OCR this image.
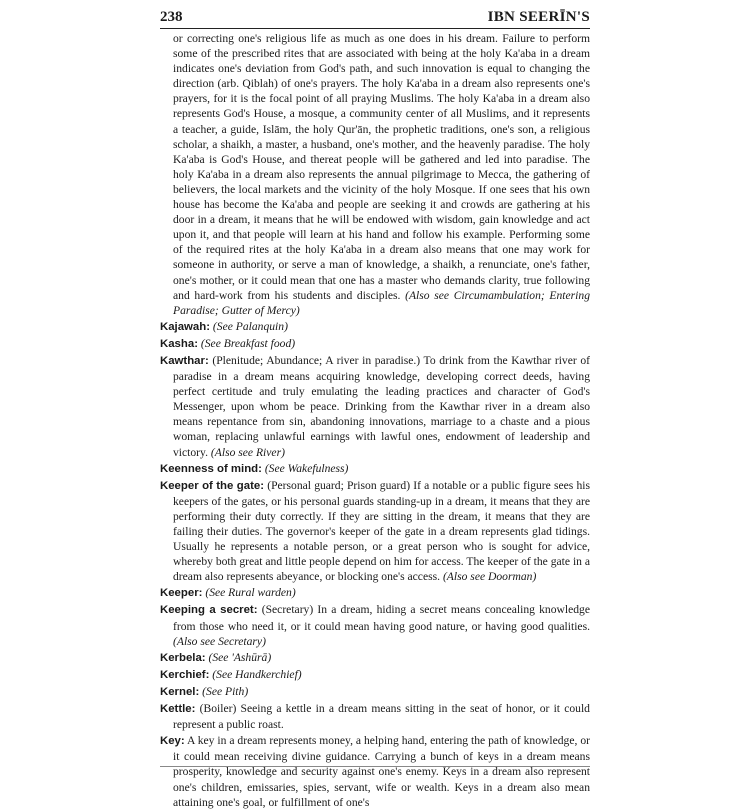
238	IBN SEERĪN'S

or correcting one's religious life as much as one does in his dream. Failure to perform some of the prescribed rites that are associated with being at the holy Ka'aba in a dream indicates one's deviation from God's path, and such innovation is equal to changing the direction (arb. Qiblah) of one's prayers. The holy Ka'aba in a dream also represents one's prayers, for it is the focal point of all praying Muslims. The holy Ka'aba in a dream also represents God's House, a mosque, a community center of all Muslims, and it represents a teacher, a guide, Islām, the holy Qur'ān, the prophetic traditions, one's son, a religious scholar, a shaikh, a master, a husband, one's mother, and the heavenly paradise. The holy Ka'aba is God's House, and thereat people will be gathered and led into paradise. The holy Ka'aba in a dream also represents the annual pilgrimage to Mecca, the gathering of believers, the local markets and the vicinity of the holy Mosque. If one sees that his own house has become the Ka'aba and people are seeking it and crowds are gathering at his door in a dream, it means that he will be endowed with wisdom, gain knowledge and act upon it, and that people will learn at his hand and follow his example. Performing some of the required rites at the holy Ka'aba in a dream also means that one may work for someone in authority, or serve a man of knowledge, a shaikh, a renunciate, one's father, one's mother, or it could mean that one has a master who demands clarity, true following and hard-work from his students and disciples. (Also see Circumambulation; Entering Paradise; Gutter of Mercy)

Kajawah: (See Palanquin)

Kasha: (See Breakfast food)

Kawthar: (Plenitude; Abundance; A river in paradise.) To drink from the Kawthar river of paradise in a dream means acquiring knowledge, developing correct deeds, having perfect certitude and truly emulating the leading practices and character of God's Messenger, upon whom be peace. Drinking from the Kawthar river in a dream also means repentance from sin, abandoning innovations, marriage to a chaste and a pious woman, replacing unlawful earnings with lawful ones, endowment of leadership and victory. (Also see River)

Keenness of mind: (See Wakefulness)

Keeper of the gate: (Personal guard; Prison guard) If a notable or a public figure sees his keepers of the gates, or his personal guards standing-up in a dream, it means that they are performing their duty correctly. If they are sitting in the dream, it means that they are failing their duties. The governor's keeper of the gate in a dream represents glad tidings. Usually he represents a notable person, or a great person who is sought for advice, whereby both great and little people depend on him for access. The keeper of the gate in a dream also represents abeyance, or blocking one's access. (Also see Doorman)

Keeper: (See Rural warden)

Keeping a secret: (Secretary) In a dream, hiding a secret means concealing knowledge from those who need it, or it could mean having good nature, or having good qualities. (Also see Secretary)

Kerbela: (See 'Ashūrā)

Kerchief: (See Handkerchief)

Kernel: (See Pith)

Kettle: (Boiler) Seeing a kettle in a dream means sitting in the seat of honor, or it could represent a public roast.

Key: A key in a dream represents money, a helping hand, entering the path of knowledge, or it could mean receiving divine guidance. Carrying a bunch of keys in a dream means prosperity, knowledge and security against one's enemy. Keys in a dream also represent one's children, emissaries, spies, servant, wife or wealth. Keys in a dream also mean attaining one's goal, or fulfillment of one's
